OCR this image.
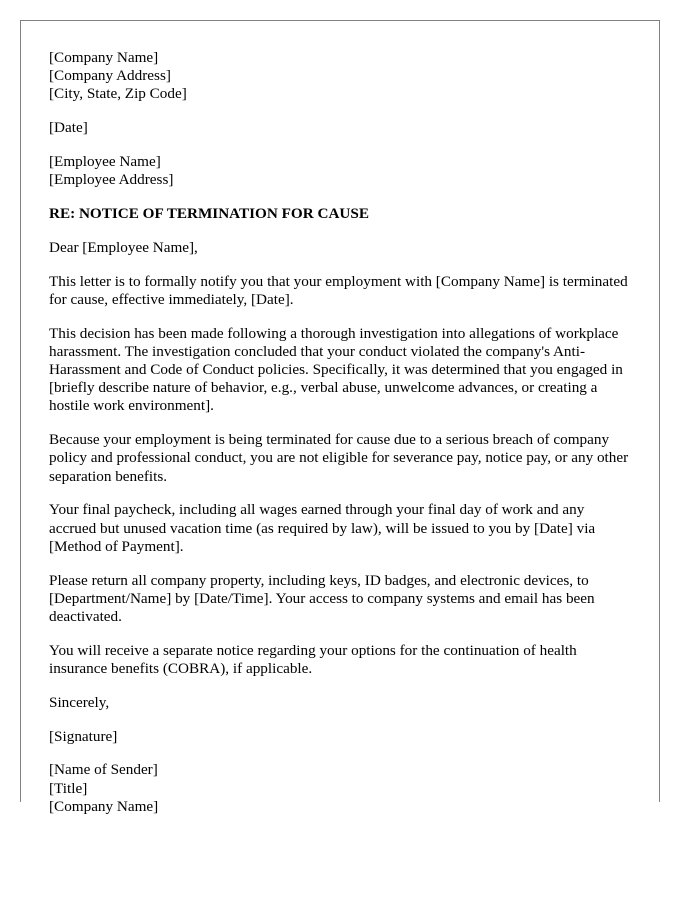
[Company Name]
[Company Address]
[City, State, Zip Code]

[Date]

[Employee Name]
[Employee Address]

RE: NOTICE OF TERMINATION FOR CAUSE

Dear [Employee Name],

This letter is to formally notify you that your employment with [Company Name] is terminated for cause, effective immediately, [Date].

This decision has been made following a thorough investigation into allegations of workplace harassment. The investigation concluded that your conduct violated the company's Anti-Harassment and Code of Conduct policies. Specifically, it was determined that you engaged in [briefly describe nature of behavior, e.g., verbal abuse, unwelcome advances, or creating a hostile work environment].

Because your employment is being terminated for cause due to a serious breach of company policy and professional conduct, you are not eligible for severance pay, notice pay, or any other separation benefits.

Your final paycheck, including all wages earned through your final day of work and any accrued but unused vacation time (as required by law), will be issued to you by [Date] via [Method of Payment].

Please return all company property, including keys, ID badges, and electronic devices, to [Department/Name] by [Date/Time]. Your access to company systems and email has been deactivated.

You will receive a separate notice regarding your options for the continuation of health insurance benefits (COBRA), if applicable.

Sincerely,

[Signature]

[Name of Sender]
[Title]
[Company Name]
